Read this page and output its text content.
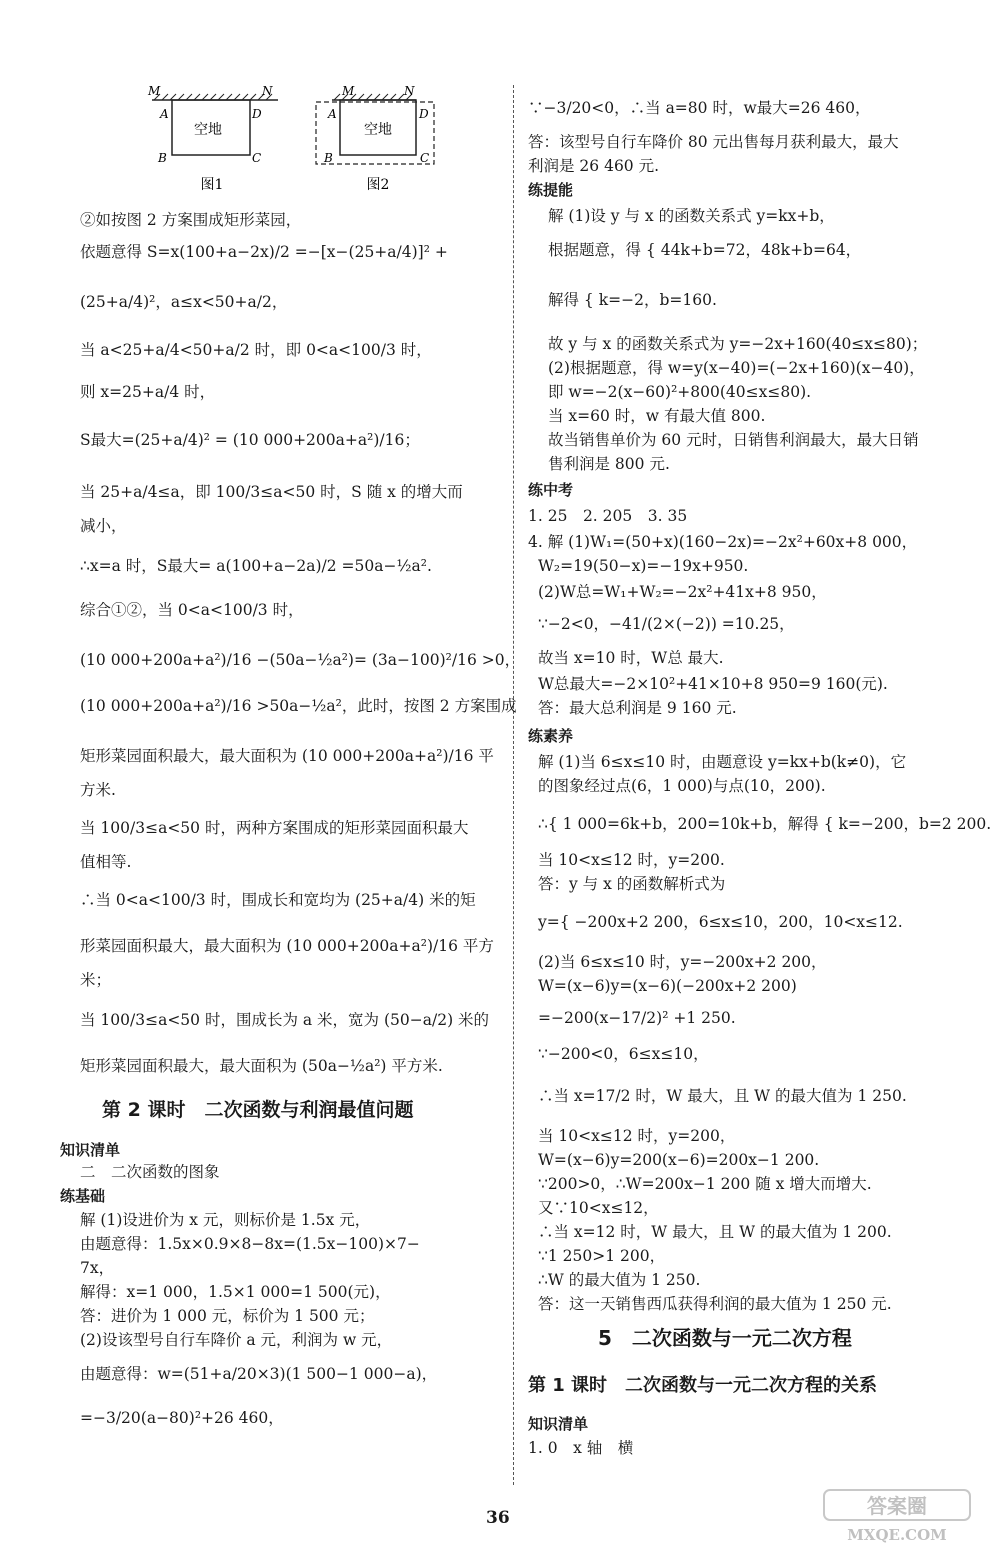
空地
M	N
A	D
B	C
图1
空地
M	N
A	D
B	C
图2
②如按图 2 方案围成矩形菜园，
依题意得 S=x(100+a−2x)/2 =−[x−(25+a/4)]² +
(25+a/4)²，a≤x<50+a/2，
当 a<25+a/4<50+a/2 时，即 0<a<100/3 时，
则 x=25+a/4 时，
S最大=(25+a/4)² = (10 000+200a+a²)/16；
当 25+a/4≤a，即 100/3≤a<50 时，S 随 x 的增大而
减小，
∴x=a 时，S最大= a(100+a−2a)/2 =50a−½a².
综合①②，当 0<a<100/3 时，
(10 000+200a+a²)/16 −(50a−½a²)= (3a−100)²/16 >0，
(10 000+200a+a²)/16 >50a−½a²，此时，按图 2 方案围成
矩形菜园面积最大，最大面积为 (10 000+200a+a²)/16 平
方米.
当 100/3≤a<50 时，两种方案围成的矩形菜园面积最大
值相等.
∴当 0<a<100/3 时，围成长和宽均为 (25+a/4) 米的矩
形菜园面积最大，最大面积为 (10 000+200a+a²)/16 平方
米；
当 100/3≤a<50 时，围成长为 a 米，宽为 (50−a/2) 米的
矩形菜园面积最大，最大面积为 (50a−½a²) 平方米.
第 2 课时　二次函数与利润最值问题
知识清单
二　二次函数的图象
练基础
解 (1)设进价为 x 元，则标价是 1.5x 元，
由题意得：1.5x×0.9×8−8x=(1.5x−100)×7−
7x，
解得：x=1 000，1.5×1 000=1 500(元)，
答：进价为 1 000 元，标价为 1 500 元；
(2)设该型号自行车降价 a 元，利润为 w 元，
由题意得：w=(51+a/20×3)(1 500−1 000−a)，
=−3/20(a−80)²+26 460，
∵−3/20<0，∴当 a=80 时，w最大=26 460，
答：该型号自行车降价 80 元出售每月获利最大，最大
利润是 26 460 元.
练提能
解 (1)设 y 与 x 的函数关系式 y=kx+b，
根据题意，得 { 44k+b=72，48k+b=64，
解得 { k=−2，b=160.
故 y 与 x 的函数关系式为 y=−2x+160(40≤x≤80)；
(2)根据题意，得 w=y(x−40)=(−2x+160)(x−40)，
即 w=−2(x−60)²+800(40≤x≤80).
当 x=60 时，w 有最大值 800.
故当销售单价为 60 元时，日销售利润最大，最大日销
售利润是 800 元.
练中考
1. 25　2. 205　3. 35
4. 解 (1)W₁=(50+x)(160−2x)=−2x²+60x+8 000，
W₂=19(50−x)=−19x+950.
(2)W总=W₁+W₂=−2x²+41x+8 950，
∵−2<0，−41/(2×(−2)) =10.25，
故当 x=10 时，W总 最大.
W总最大=−2×10²+41×10+8 950=9 160(元).
答：最大总利润是 9 160 元.
练素养
解 (1)当 6≤x≤10 时，由题意设 y=kx+b(k≠0)，它
的图象经过点(6，1 000)与点(10，200).
∴{ 1 000=6k+b，200=10k+b，解得 { k=−200，b=2 200.
当 10<x≤12 时，y=200.
答：y 与 x 的函数解析式为
y={ −200x+2 200，6≤x≤10，200，10<x≤12.
(2)当 6≤x≤10 时，y=−200x+2 200，
W=(x−6)y=(x−6)(−200x+2 200)
=−200(x−17/2)² +1 250.
∵−200<0，6≤x≤10，
∴当 x=17/2 时，W 最大，且 W 的最大值为 1 250.
当 10<x≤12 时，y=200，
W=(x−6)y=200(x−6)=200x−1 200.
∵200>0，∴W=200x−1 200 随 x 增大而增大.
又∵10<x≤12，
∴当 x=12 时，W 最大，且 W 的最大值为 1 200.
∵1 250>1 200，
∴W 的最大值为 1 250.
答：这一天销售西瓜获得利润的最大值为 1 250 元.
5　二次函数与一元二次方程
第 1 课时　二次函数与一元二次方程的关系
知识清单
1. 0　x 轴　横
36	答案圈
MXQE.COM
